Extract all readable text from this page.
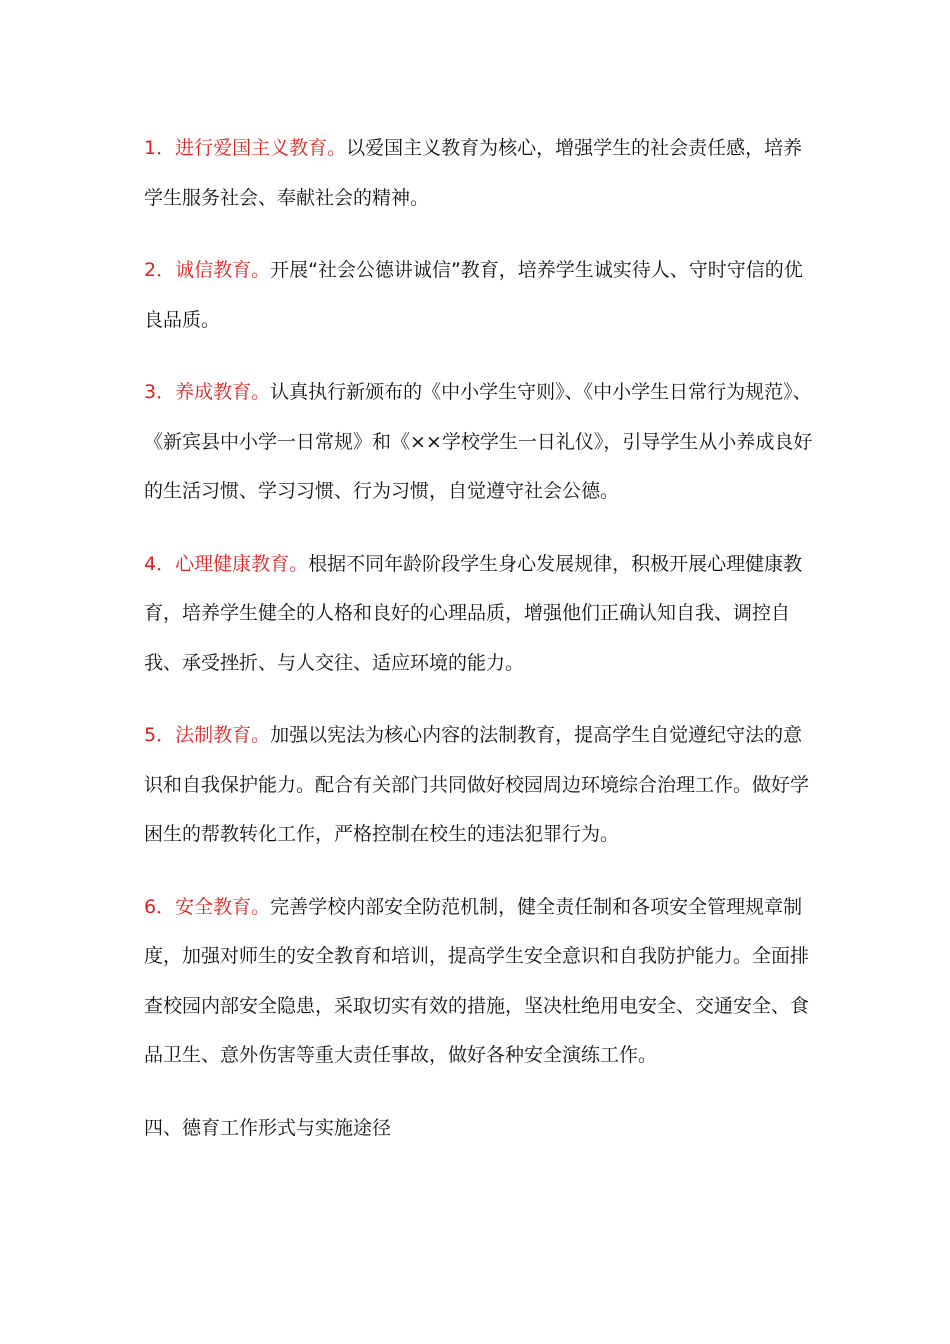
1．进行爱国主义教育。以爱国主义教育为核心，增强学生的社会责任感，培养学生服务社会、奉献社会的精神。

2．诚信教育。开展“社会公德讲诚信”教育，培养学生诚实待人、守时守信的优良品质。

3．养成教育。认真执行新颁布的《中小学生守则》、《中小学生日常行为规范》、《新宾县中小学一日常规》和《××学校学生一日礼仪》，引导学生从小养成良好的生活习惯、学习习惯、行为习惯，自觉遵守社会公德。

4．心理健康教育。根据不同年龄阶段学生身心发展规律，积极开展心理健康教育，培养学生健全的人格和良好的心理品质，增强他们正确认知自我、调控自我、承受挫折、与人交往、适应环境的能力。

5．法制教育。加强以宪法为核心内容的法制教育，提高学生自觉遵纪守法的意识和自我保护能力。配合有关部门共同做好校园周边环境综合治理工作。做好学困生的帮教转化工作，严格控制在校生的违法犯罪行为。

6．安全教育。完善学校内部安全防范机制，健全责任制和各项安全管理规章制度，加强对师生的安全教育和培训，提高学生安全意识和自我防护能力。全面排查校园内部安全隐患，采取切实有效的措施，坚决杜绝用电安全、交通安全、食品卫生、意外伤害等重大责任事故，做好各种安全演练工作。

四、德育工作形式与实施途径
